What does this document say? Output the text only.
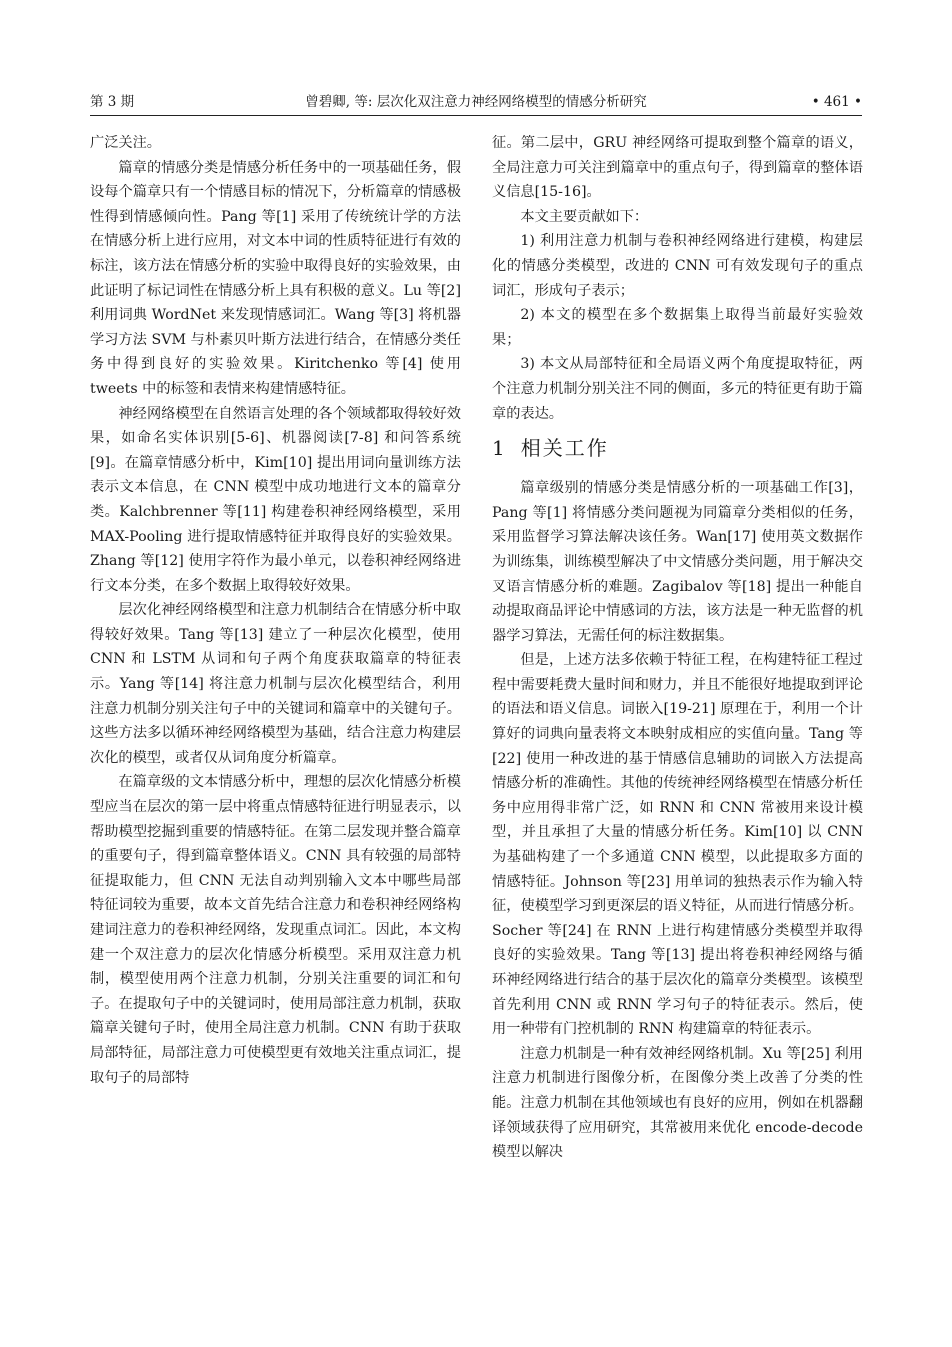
第 3 期	曾碧卿, 等: 层次化双注意力神经网络模型的情感分析研究	• 461 •

广泛关注。

篇章的情感分类是情感分析任务中的一项基础任务，假设每个篇章只有一个情感目标的情况下，分析篇章的情感极性得到情感倾向性。Pang 等[1] 采用了传统统计学的方法在情感分析上进行应用，对文本中词的性质特征进行有效的标注，该方法在情感分析的实验中取得良好的实验效果，由此证明了标记词性在情感分析上具有积极的意义。Lu 等[2] 利用词典 WordNet 来发现情感词汇。Wang 等[3] 将机器学习方法 SVM 与朴素贝叶斯方法进行结合，在情感分类任务中得到良好的实验效果。Kiritchenko 等[4] 使用 tweets 中的标签和表情来构建情感特征。

神经网络模型在自然语言处理的各个领域都取得较好效果，如命名实体识别[5-6]、机器阅读[7-8] 和问答系统[9]。在篇章情感分析中，Kim[10] 提出用词向量训练方法表示文本信息，在 CNN 模型中成功地进行文本的篇章分类。Kalchbrenner 等[11] 构建卷积神经网络模型，采用 MAX-Pooling 进行提取情感特征并取得良好的实验效果。Zhang 等[12] 使用字符作为最小单元，以卷积神经网络进行文本分类，在多个数据上取得较好效果。

层次化神经网络模型和注意力机制结合在情感分析中取得较好效果。Tang 等[13] 建立了一种层次化模型，使用 CNN 和 LSTM 从词和句子两个角度获取篇章的特征表示。Yang 等[14] 将注意力机制与层次化模型结合，利用注意力机制分别关注句子中的关键词和篇章中的关键句子。这些方法多以循环神经网络模型为基础，结合注意力构建层次化的模型，或者仅从词角度分析篇章。

在篇章级的文本情感分析中，理想的层次化情感分析模型应当在层次的第一层中将重点情感特征进行明显表示，以帮助模型挖掘到重要的情感特征。在第二层发现并整合篇章的重要句子，得到篇章整体语义。CNN 具有较强的局部特征提取能力，但 CNN 无法自动判别输入文本中哪些局部特征词较为重要，故本文首先结合注意力和卷积神经网络构建词注意力的卷积神经网络，发现重点词汇。因此，本文构建一个双注意力的层次化情感分析模型。采用双注意力机制，模型使用两个注意力机制，分别关注重要的词汇和句子。在提取句子中的关键词时，使用局部注意力机制，获取篇章关键句子时，使用全局注意力机制。CNN 有助于获取局部特征，局部注意力可使模型更有效地关注重点词汇，提取句子的局部特

征。第二层中，GRU 神经网络可提取到整个篇章的语义，全局注意力可关注到篇章中的重点句子，得到篇章的整体语义信息[15-16]。

本文主要贡献如下：

1) 利用注意力机制与卷积神经网络进行建模，构建层化的情感分类模型，改进的 CNN 可有效发现句子的重点词汇，形成句子表示；

2) 本文的模型在多个数据集上取得当前最好实验效果；

3) 本文从局部特征和全局语义两个角度提取特征，两个注意力机制分别关注不同的侧面，多元的特征更有助于篇章的表达。

1 相关工作

篇章级别的情感分类是情感分析的一项基础工作[3]，Pang 等[1] 将情感分类问题视为同篇章分类相似的任务，采用监督学习算法解决该任务。Wan[17] 使用英文数据作为训练集，训练模型解决了中文情感分类问题，用于解决交叉语言情感分析的难题。Zagibalov 等[18] 提出一种能自动提取商品评论中情感词的方法，该方法是一种无监督的机器学习算法，无需任何的标注数据集。

但是，上述方法多依赖于特征工程，在构建特征工程过程中需要耗费大量时间和财力，并且不能很好地提取到评论的语法和语义信息。词嵌入[19-21] 原理在于，利用一个计算好的词典向量表将文本映射成相应的实值向量。Tang 等[22] 使用一种改进的基于情感信息辅助的词嵌入方法提高情感分析的准确性。其他的传统神经网络模型在情感分析任务中应用得非常广泛，如 RNN 和 CNN 常被用来设计模型，并且承担了大量的情感分析任务。Kim[10] 以 CNN 为基础构建了一个多通道 CNN 模型，以此提取多方面的情感特征。Johnson 等[23] 用单词的独热表示作为输入特征，使模型学习到更深层的语义特征，从而进行情感分析。Socher 等[24] 在 RNN 上进行构建情感分类模型并取得良好的实验效果。Tang 等[13] 提出将卷积神经网络与循环神经网络进行结合的基于层次化的篇章分类模型。该模型首先利用 CNN 或 RNN 学习句子的特征表示。然后，使用一种带有门控机制的 RNN 构建篇章的特征表示。

注意力机制是一种有效神经网络机制。Xu 等[25] 利用注意力机制进行图像分析，在图像分类上改善了分类的性能。注意力机制在其他领域也有良好的应用，例如在机器翻译领域获得了应用研究，其常被用来优化 encode-decode 模型以解决
